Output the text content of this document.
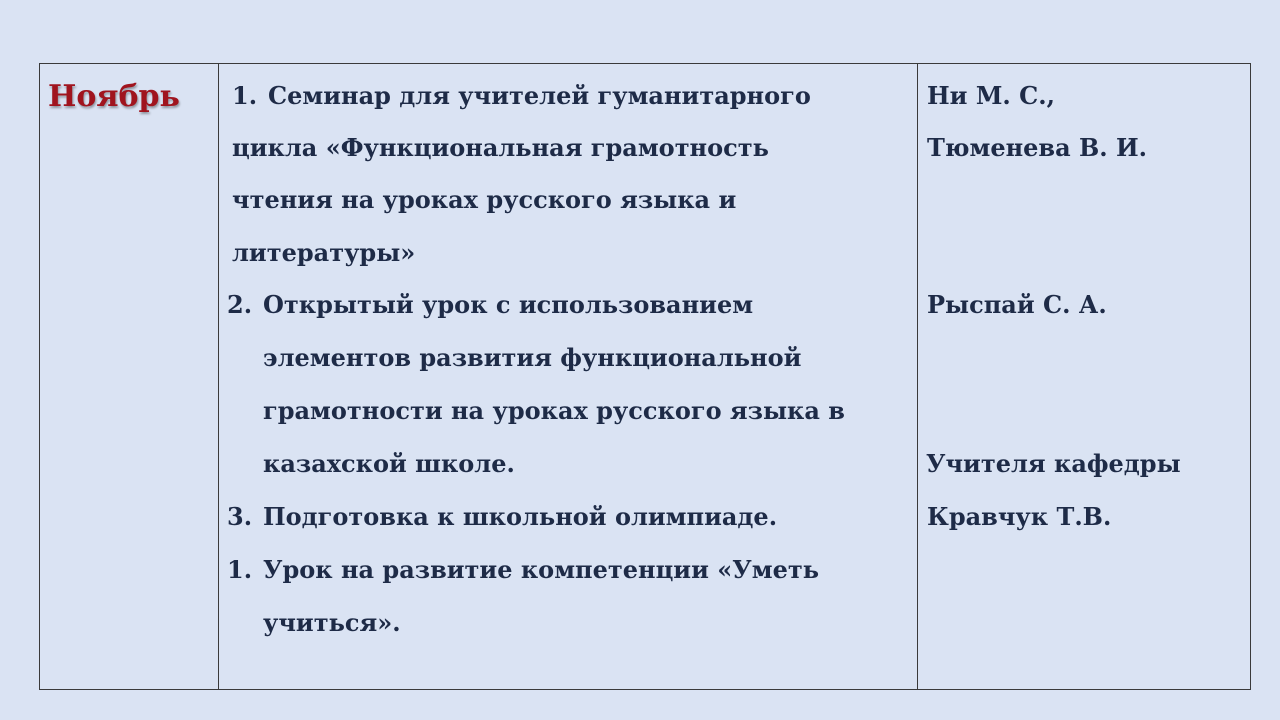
Ноябрь 1. Семинар для учителей гуманитарного
цикла «Функциональная грамотность
чтения на уроках русского языка и
литературы»
2. Открытый урок с использованием
элементов развития функциональной
грамотности на уроках русского языка в
казахской школе.
3. Подготовка к школьной олимпиаде.
1. Урок на развитие компетенции «Уметь
учиться».
Ни М. С.,
Тюменева В. И.
Рыспай С. А.
Учителя кафедры
Кравчук Т.В.
